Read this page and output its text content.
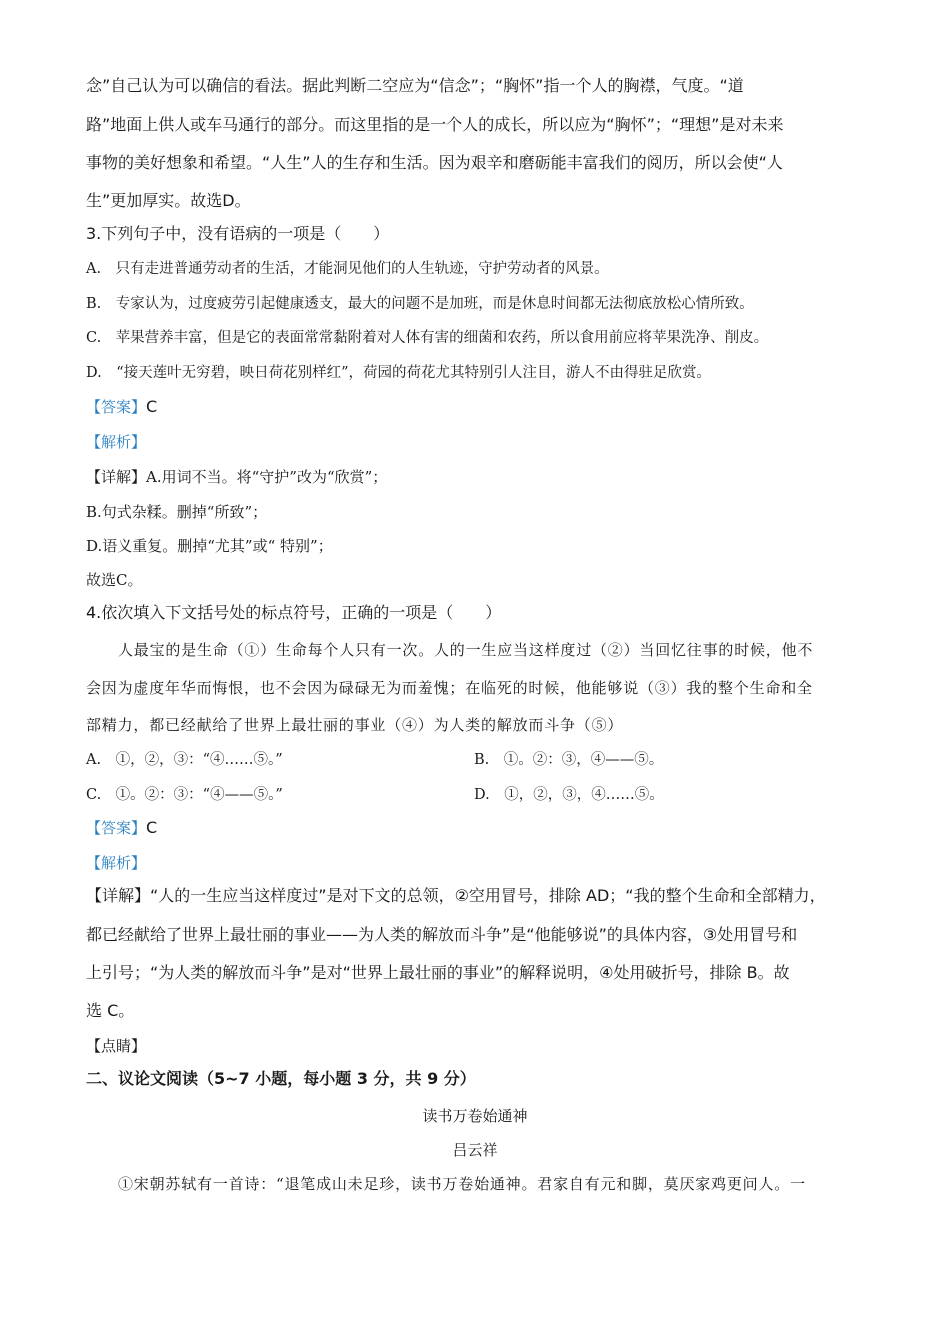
念”自己认为可以确信的看法。据此判断二空应为“信念”；“胸怀”指一个人的胸襟，气度。“道
路”地面上供人或车马通行的部分。而这里指的是一个人的成长，所以应为“胸怀”；“理想”是对未来
事物的美好想象和希望。“人生”人的生存和生活。因为艰辛和磨砺能丰富我们的阅历，所以会使“人
生”更加厚实。故选D。
3.下列句子中，没有语病的一项是（　　）
A.　只有走进普通劳动者的生活，才能洞见他们的人生轨迹，守护劳动者的风景。
B.　专家认为，过度疲劳引起健康透支，最大的问题不是加班，而是休息时间都无法彻底放松心情所致。
C.　苹果营养丰富，但是它的表面常常黏附着对人体有害的细菌和农药，所以食用前应将苹果洗净、削皮。
D.　“接天莲叶无穷碧，映日荷花别样红”，荷园的荷花尤其特别引人注目，游人不由得驻足欣赏。
【答案】C
【解析】
【详解】A.用词不当。将“守护”改为“欣赏”；
B.句式杂糅。删掉“所致”；
D.语义重复。删掉“尤其”或“ 特别”；
故选C。
4.依次填入下文括号处的标点符号，正确的一项是（　　）
人最宝的是生命（①）生命每个人只有一次。人的一生应当这样度过（②）当回忆往事的时候，他不
会因为虚度年华而悔恨，也不会因为碌碌无为而羞愧；在临死的时候，他能够说（③）我的整个生命和全
部精力，都已经献给了世界上最壮丽的事业（④）为人类的解放而斗争（⑤）
A.　①，②，③：“④……⑤。”	B.　①。②：③，④——⑤。
C.　①。②：③：“④——⑤。”	D.　①，②，③，④……⑤。
【答案】C
【解析】
【详解】“人的一生应当这样度过”是对下文的总领，②空用冒号，排除 AD；“我的整个生命和全部精力，
都已经献给了世界上最壮丽的事业——为人类的解放而斗争”是“他能够说”的具体内容，③处用冒号和
上引号；“为人类的解放而斗争”是对“世界上最壮丽的事业”的解释说明，④处用破折号，排除 B。故
选 C。
【点睛】
二、议论文阅读（5~7 小题，每小题 3 分，共 9 分）
读书万卷始通神
吕云祥
①宋朝苏轼有一首诗：“退笔成山未足珍，读书万卷始通神。君家自有元和脚，莫厌家鸡更问人。一
